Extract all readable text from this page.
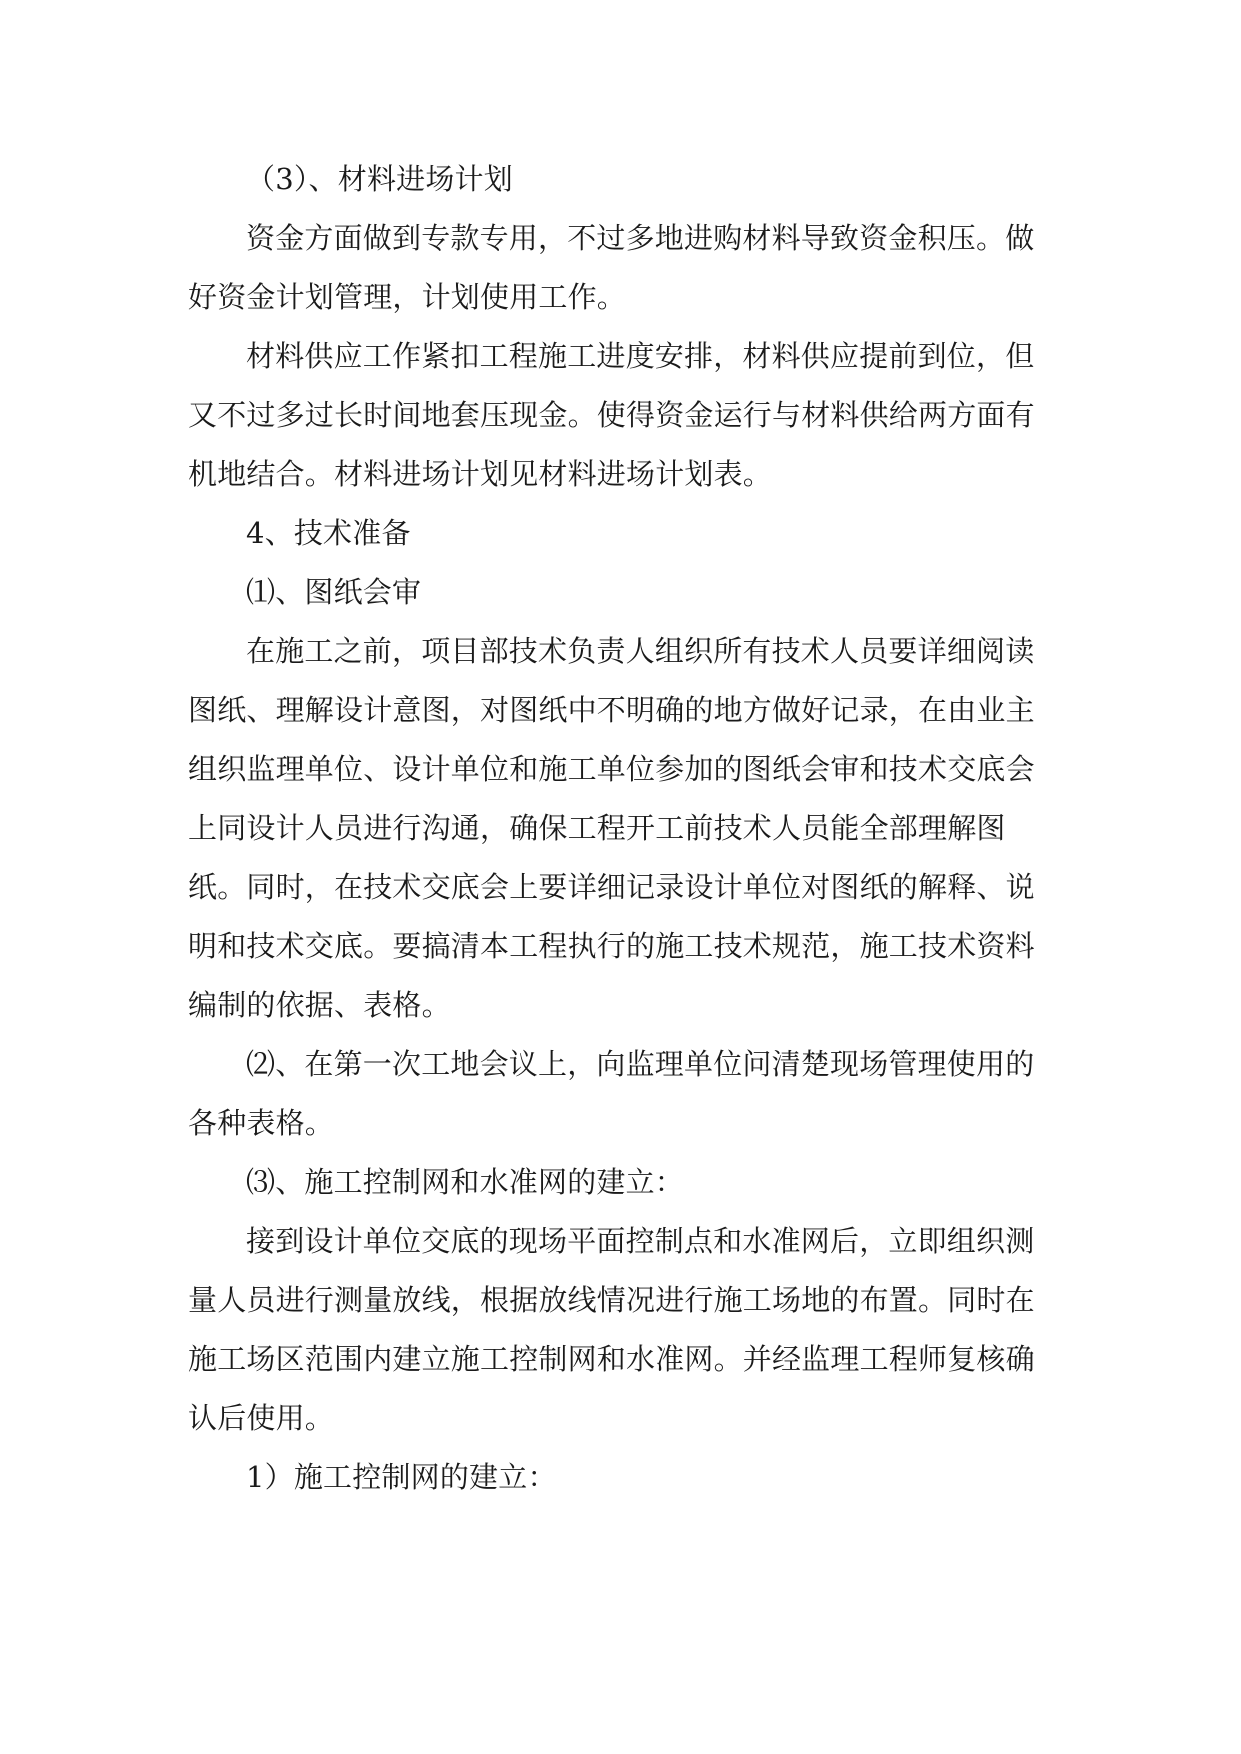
（3）、材料进场计划

资金方面做到专款专用，不过多地进购材料导致资金积压。做好资金计划管理，计划使用工作。

材料供应工作紧扣工程施工进度安排，材料供应提前到位，但又不过多过长时间地套压现金。使得资金运行与材料供给两方面有机地结合。材料进场计划见材料进场计划表。

4、技术准备

⑴、图纸会审

在施工之前，项目部技术负责人组织所有技术人员要详细阅读图纸、理解设计意图，对图纸中不明确的地方做好记录，在由业主组织监理单位、设计单位和施工单位参加的图纸会审和技术交底会上同设计人员进行沟通，确保工程开工前技术人员能全部理解图纸。同时，在技术交底会上要详细记录设计单位对图纸的解释、说明和技术交底。要搞清本工程执行的施工技术规范，施工技术资料编制的依据、表格。

⑵、在第一次工地会议上，向监理单位问清楚现场管理使用的各种表格。

⑶、施工控制网和水准网的建立：

接到设计单位交底的现场平面控制点和水准网后，立即组织测量人员进行测量放线，根据放线情况进行施工场地的布置。同时在施工场区范围内建立施工控制网和水准网。并经监理工程师复核确认后使用。

1）施工控制网的建立：
